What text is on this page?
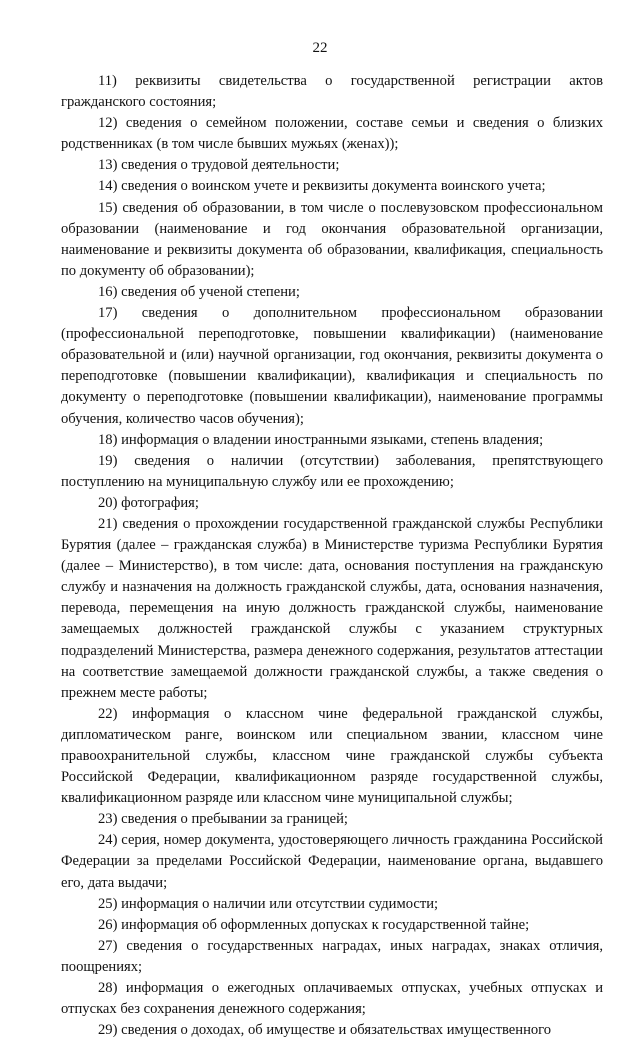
22

11) реквизиты свидетельства о государственной регистрации актов гражданского состояния;

12) сведения о семейном положении, составе семьи и сведения о близких родственниках (в том числе бывших мужьях (женах));

13) сведения о трудовой деятельности;

14) сведения о воинском учете и реквизиты документа воинского учета;

15) сведения об образовании, в том числе о послевузовском профессиональном образовании (наименование и год окончания образовательной организации, наименование и реквизиты документа об образовании, квалификация, специальность по документу об образовании);

16) сведения об ученой степени;

17) сведения о дополнительном профессиональном образовании (профессиональной переподготовке, повышении квалификации) (наименование образовательной и (или) научной организации, год окончания, реквизиты документа о переподготовке (повышении квалификации), квалификация и специальность по документу о переподготовке (повышении квалификации), наименование программы обучения, количество часов обучения);

18) информация о владении иностранными языками, степень владения;

19) сведения о наличии (отсутствии) заболевания, препятствующего поступлению на муниципальную службу или ее прохождению;

20) фотография;

21) сведения о прохождении государственной гражданской службы Республики Бурятия (далее – гражданская служба) в Министерстве туризма Республики Бурятия (далее – Министерство), в том числе: дата, основания поступления на гражданскую службу и назначения на должность гражданской службы, дата, основания назначения, перевода, перемещения на иную должность гражданской службы, наименование замещаемых должностей гражданской службы с указанием структурных подразделений Министерства, размера денежного содержания, результатов аттестации на соответствие замещаемой должности гражданской службы, а также сведения о прежнем месте работы;

22) информация о классном чине федеральной гражданской службы, дипломатическом ранге, воинском или специальном звании, классном чине правоохранительной службы, классном чине гражданской службы субъекта Российской Федерации, квалификационном разряде государственной службы, квалификационном разряде или классном чине муниципальной службы;

23) сведения о пребывании за границей;

24) серия, номер документа, удостоверяющего личность гражданина Российской Федерации за пределами Российской Федерации, наименование органа, выдавшего его, дата выдачи;

25) информация о наличии или отсутствии судимости;

26) информация об оформленных допусках к государственной тайне;

27) сведения о государственных наградах, иных наградах, знаках отличия, поощрениях;

28) информация о ежегодных оплачиваемых отпусках, учебных отпусках и отпусках без сохранения денежного содержания;

29) сведения о доходах, об имуществе и обязательствах имущественного
